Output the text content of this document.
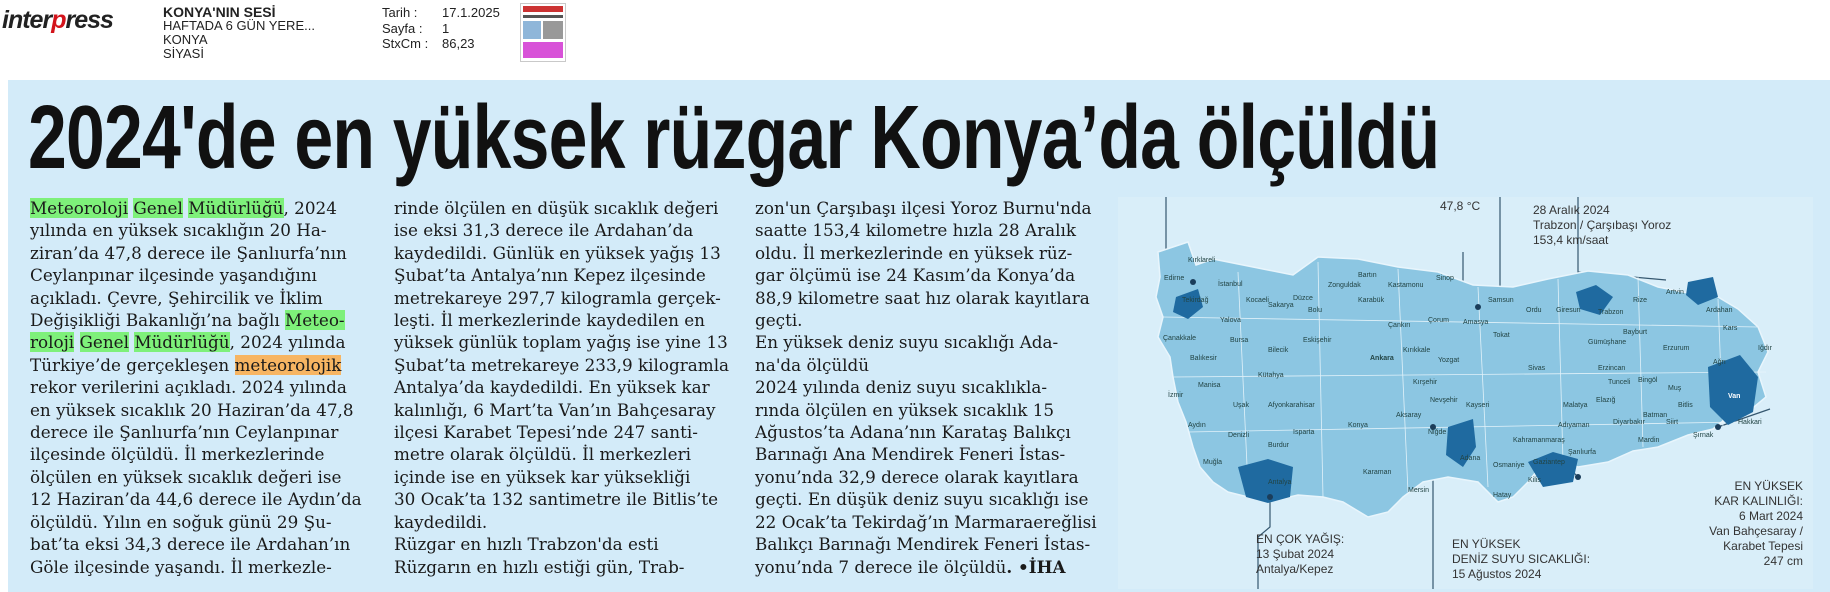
interpress	KONYA'NIN SESİ
HAFTADA 6 GÜN YERE...
KONYA
SİYASİ
Tarih :	17.1.2025
Sayfa :	1
StxCm :	86,23
2024'de en yüksek rüzgar Konya’da ölçüldü
Meteoroloji Genel Müdürlüğü, 2024
yılında en yüksek sıcaklığın 20 Ha-
ziran’da 47,8 derece ile Şanlıurfa’nın
Ceylanpınar ilçesinde yaşandığını
açıkladı. Çevre, Şehircilik ve İklim
Değişikliği Bakanlığı’na bağlı Meteo-
roloji Genel Müdürlüğü, 2024 yılında
Türkiye’de gerçekleşen meteorolojik
rekor verilerini açıkladı. 2024 yılında
en yüksek sıcaklık 20 Haziran’da 47,8
derece ile Şanlıurfa’nın Ceylanpınar
ilçesinde ölçüldü. İl merkezlerinde
ölçülen en yüksek sıcaklık değeri ise
12 Haziran’da 44,6 derece ile Aydın’da
ölçüldü. Yılın en soğuk günü 29 Şu-
bat’ta eksi 34,3 derece ile Ardahan’ın
Göle ilçesinde yaşandı. İl merkezle-
rinde ölçülen en düşük sıcaklık değeri
ise eksi 31,3 derece ile Ardahan’da
kaydedildi. Günlük en yüksek yağış 13
Şubat’ta Antalya’nın Kepez ilçesinde
metrekareye 297,7 kilogramla gerçek-
leşti. İl merkezlerinde kaydedilen en
yüksek günlük toplam yağış ise yine 13
Şubat’ta metrekareye 233,9 kilogramla
Antalya’da kaydedildi. En yüksek kar
kalınlığı, 6 Mart’ta Van’ın Bahçesaray
ilçesi Karabet Tepesi’nde 247 santi-
metre olarak ölçüldü. İl merkezleri
içinde ise en yüksek kar yüksekliği
30 Ocak’ta 132 santimetre ile Bitlis’te
kaydedildi.
Rüzgar en hızlı Trabzon'da esti
Rüzgarın en hızlı estiği gün, Trab-
zon'un Çarşıbaşı ilçesi Yoroz Burnu'nda
saatte 153,4 kilometre hızla 28 Aralık
oldu. İl merkezlerinde en yüksek rüz-
gar ölçümü ise 24 Kasım’da Konya’da
88,9 kilometre saat hız olarak kayıtlara
geçti.
En yüksek deniz suyu sıcaklığı Ada-
na'da ölçüldü
2024 yılında deniz suyu sıcaklıkla-
rında ölçülen en yüksek sıcaklık 15
Ağustos’ta Adana’nın Karataş Balıkçı
Barınağı Ana Mendirek Feneri İstas-
yonu’nda 32,9 derece olarak kayıtlara
geçti. En düşük deniz suyu sıcaklığı ise
22 Ocak’ta Tekirdağ’ın Marmaraereğlisi
Balıkçı Barınağı Mendirek Feneri İstas-
yonu’nda 7 derece ile ölçüldü. •İHA
Kırklareli
Edirne
Tekirdağ
İstanbul
Çanakkale
Balıkesir
Bursa
Bilecik
İzmir
Manisa
Uşak
Aydın
Denizli
Muğla
Burdur
Isparta
Antalya
Afyonkarahisar
Eskişehir
Kütahya
Zonguldak
Bartın
Karabük
Kastamonu
Sinop
Samsun
Bolu
Düzce
Sakarya
Kocaeli
Yalova
Ankara
Çankırı
Çorum Amasya
Tokat
Ordu Giresun Trabzon
Rize
Artvin
Ardahan
Kars
Iğdır
Ağrı
Erzurum
Bayburt
Gümüşhane
Erzincan
Sivas
Yozgat
Kırıkkale
Kırşehir
Nevşehir
Aksaray
Kayseri
Konya
Karaman
Niğde
Mersin
Adana
Osmaniye
Hatay
Kilis
Gaziantep
Kahramanmaraş
Adıyaman
Malatya
Elazığ
Tunceli Bingöl
Muş
Bitlis
Van
Hakkari
Şırnak
Siirt
Batman
Mardin
Diyarbakır
Şanlıurfa
47,8 °C	28 Aralık 2024
Trabzon / Çarşıbaşı Yoroz
153,4 km/saat
EN ÇOK YAĞIŞ:
13 Şubat 2024
Antalya/Kepez
EN YÜKSEK
DENİZ SUYU SICAKLIĞI:
15 Ağustos 2024
EN YÜKSEK
KAR KALINLIĞI:
6 Mart 2024
Van Bahçesaray /
Karabet Tepesi
247 cm
